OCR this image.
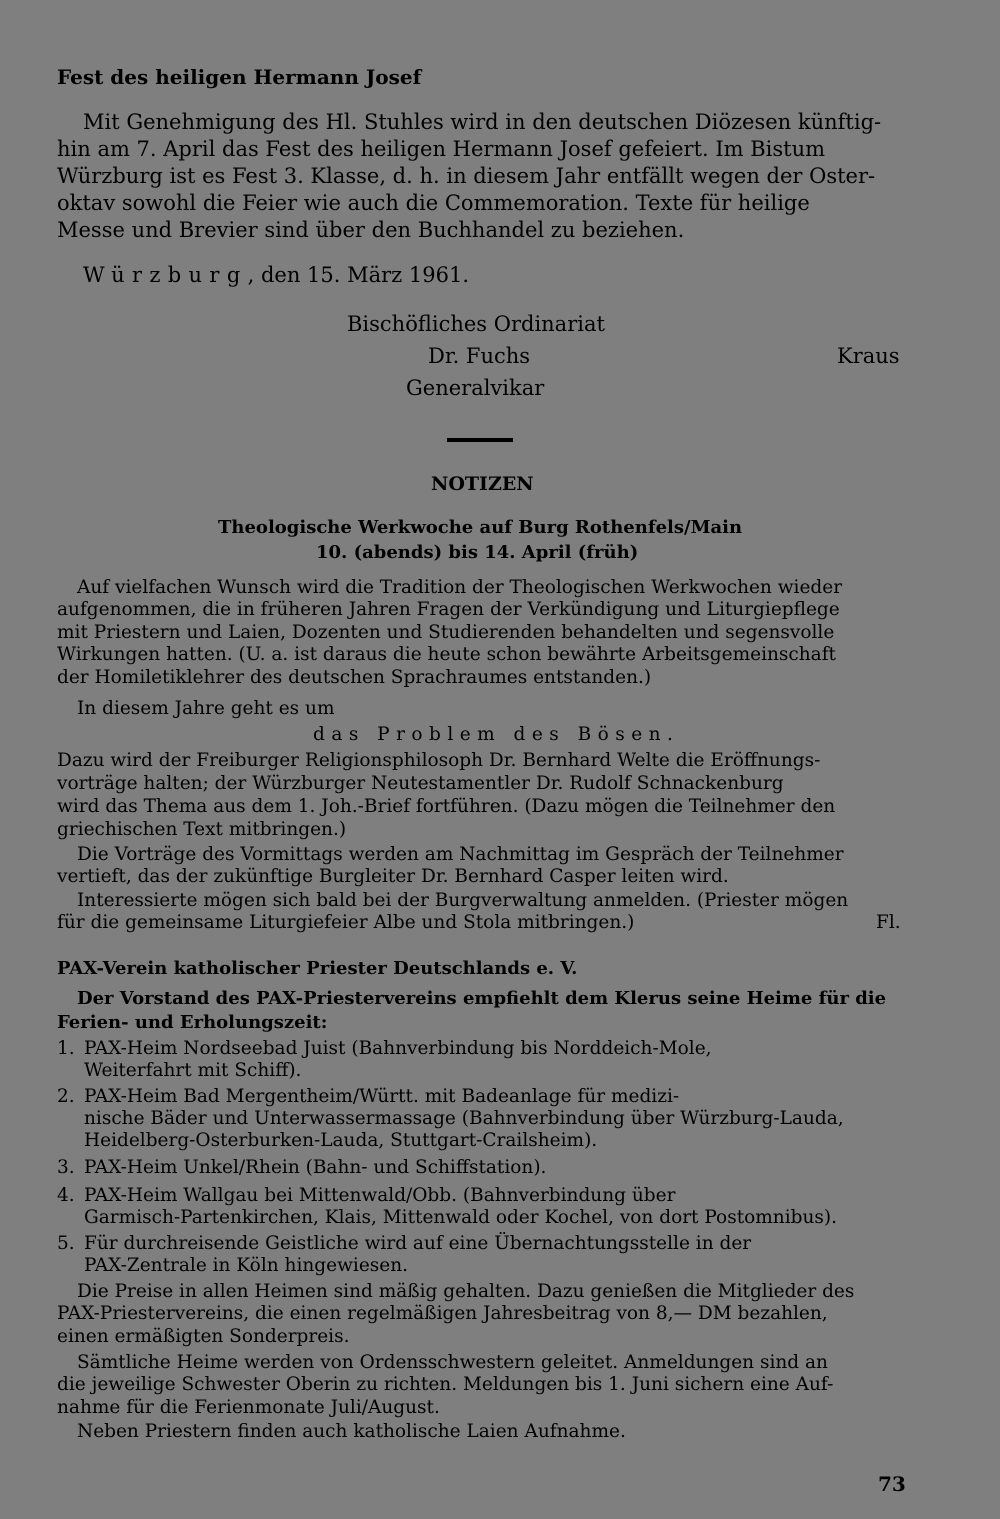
Fest des heiligen Hermann Josef
Mit Genehmigung des Hl. Stuhles wird in den deutschen Diözesen künftig-
hin am 7. April das Fest des heiligen Hermann Josef gefeiert. Im Bistum
Würzburg ist es Fest 3. Klasse, d. h. in diesem Jahr entfällt wegen der Oster-
oktav sowohl die Feier wie auch die Commemoration. Texte für heilige
Messe und Brevier sind über den Buchhandel zu beziehen.
Würzburg, den 15. März 1961.
Bischöfliches Ordinariat
Dr. Fuchs	Kraus
Generalvikar
NOTIZEN
Theologische Werkwoche auf Burg Rothenfels/Main
10. (abends) bis 14. April (früh)
Auf vielfachen Wunsch wird die Tradition der Theologischen Werkwochen wieder
aufgenommen, die in früheren Jahren Fragen der Verkündigung und Liturgiepflege
mit Priestern und Laien, Dozenten und Studierenden behandelten und segensvolle
Wirkungen hatten. (U. a. ist daraus die heute schon bewährte Arbeitsgemeinschaft
der Homiletiklehrer des deutschen Sprachraumes entstanden.)
In diesem Jahre geht es um
das Problem des Bösen.
Dazu wird der Freiburger Religionsphilosoph Dr. Bernhard Welte die Eröffnungs-
vorträge halten; der Würzburger Neutestamentler Dr. Rudolf Schnackenburg
wird das Thema aus dem 1. Joh.-Brief fortführen. (Dazu mögen die Teilnehmer den
griechischen Text mitbringen.)
Die Vorträge des Vormittags werden am Nachmittag im Gespräch der Teilnehmer
vertieft, das der zukünftige Burgleiter Dr. Bernhard Casper leiten wird.
Interessierte mögen sich bald bei der Burgverwaltung anmelden. (Priester mögen
für die gemeinsame Liturgiefeier Albe und Stola mitbringen.)	Fl.
PAX-Verein katholischer Priester Deutschlands e. V.
Der Vorstand des PAX-Priestervereins empfiehlt dem Klerus seine Heime für die
Ferien- und Erholungszeit:
1. PAX-Heim Nordseebad Juist (Bahnverbindung bis Norddeich-Mole,
Weiterfahrt mit Schiff).
2. PAX-Heim Bad Mergentheim/Württ. mit Badeanlage für medizi-
nische Bäder und Unterwassermassage (Bahnverbindung über Würzburg-Lauda,
Heidelberg-Osterburken-Lauda, Stuttgart-Crailsheim).
3. PAX-Heim Unkel/Rhein (Bahn- und Schiffstation).
4. PAX-Heim Wallgau bei Mittenwald/Obb. (Bahnverbindung über
Garmisch-Partenkirchen, Klais, Mittenwald oder Kochel, von dort Postomnibus).
5. Für durchreisende Geistliche wird auf eine Übernachtungsstelle in der
PAX-Zentrale in Köln hingewiesen.
Die Preise in allen Heimen sind mäßig gehalten. Dazu genießen die Mitglieder des
PAX-Priestervereins, die einen regelmäßigen Jahresbeitrag von 8,— DM bezahlen,
einen ermäßigten Sonderpreis.
Sämtliche Heime werden von Ordensschwestern geleitet. Anmeldungen sind an
die jeweilige Schwester Oberin zu richten. Meldungen bis 1. Juni sichern eine Auf-
nahme für die Ferienmonate Juli/August.
Neben Priestern finden auch katholische Laien Aufnahme.
73
